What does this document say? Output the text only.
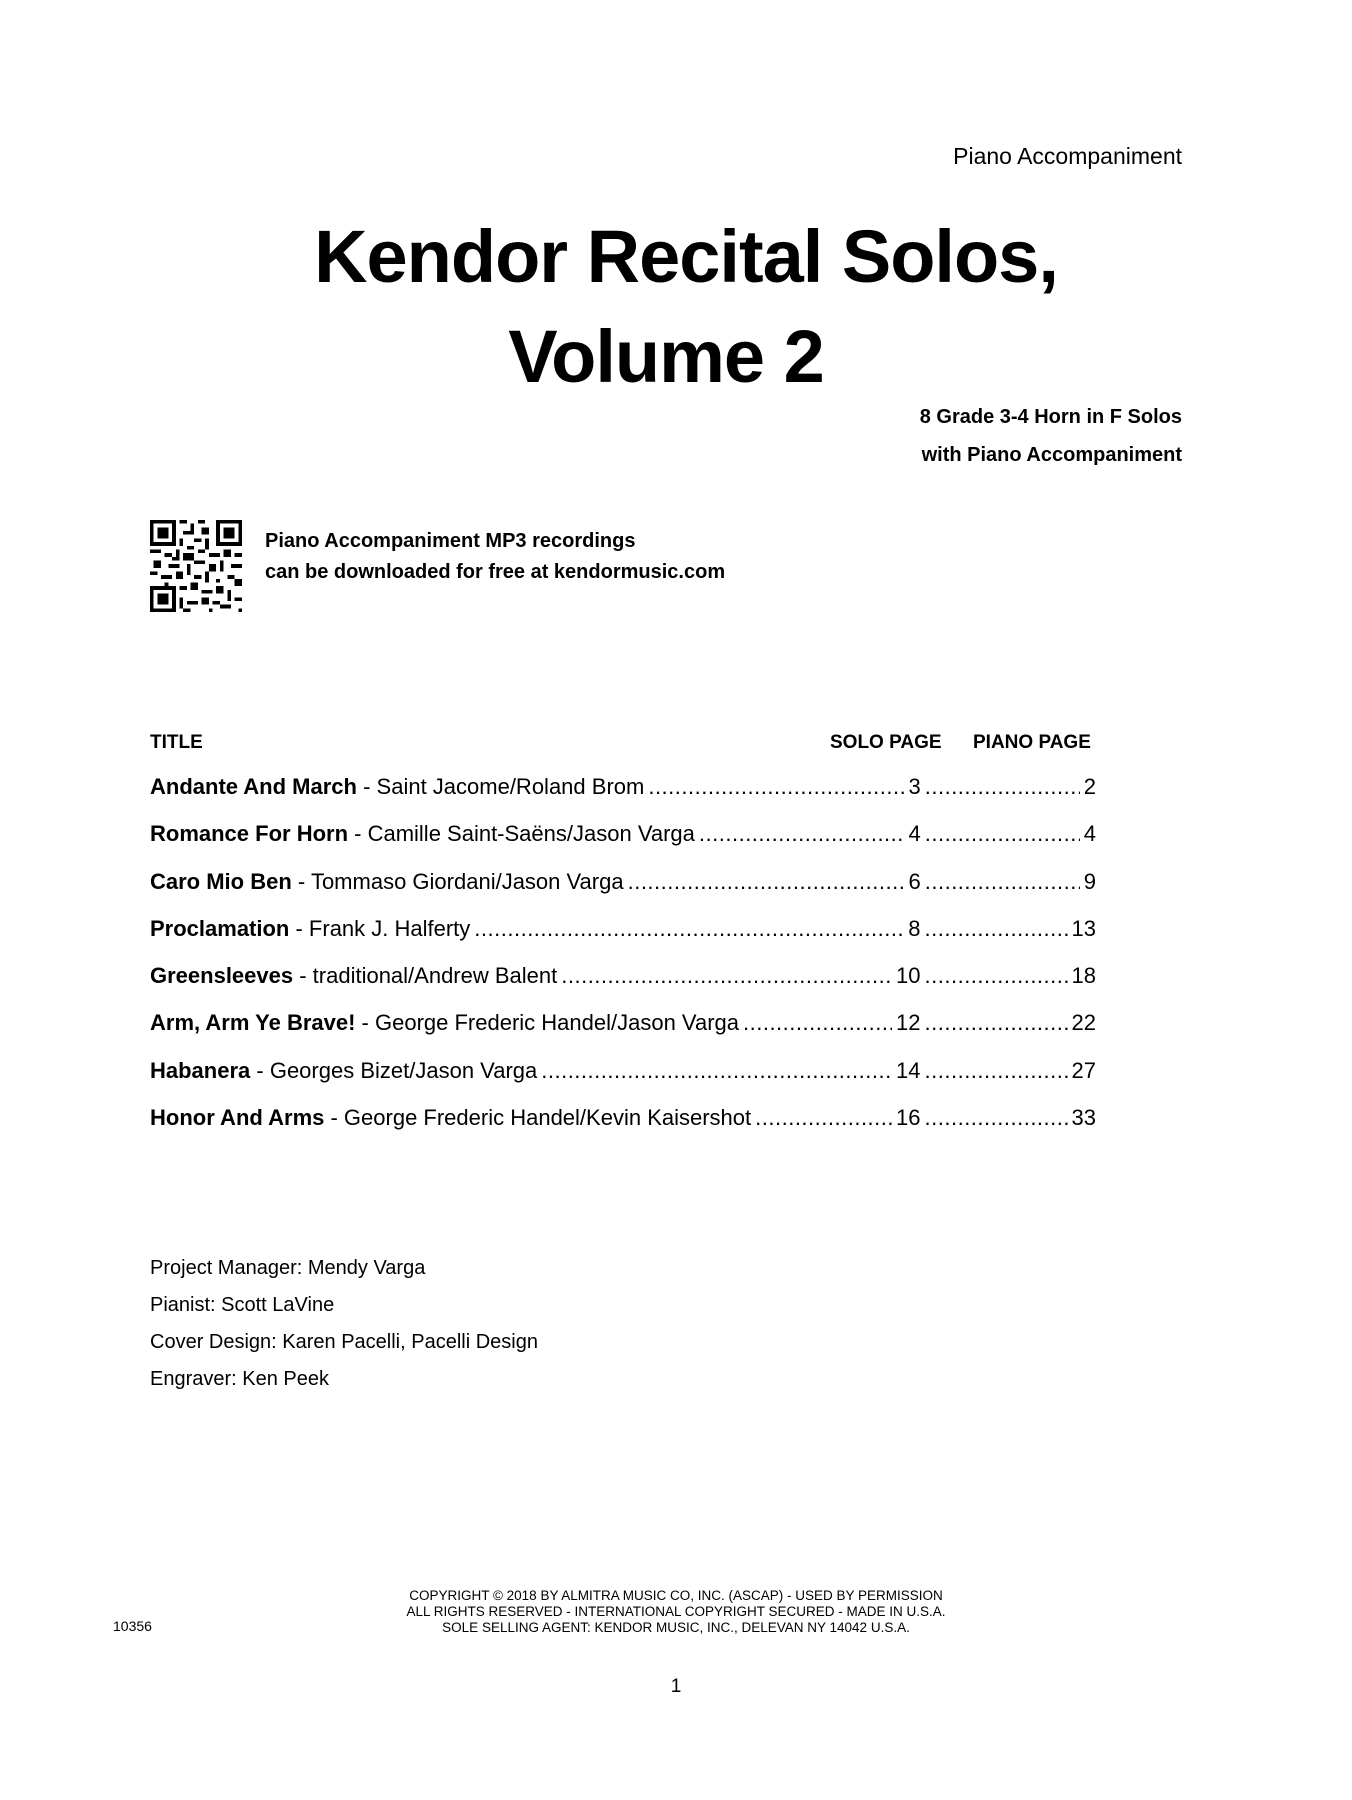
Piano Accompaniment
Kendor Recital Solos,
Volume 2
8 Grade 3-4 Horn in F Solos
with Piano Accompaniment
Piano Accompaniment MP3 recordings
can be downloaded for free at kendormusic.com
TITLE	SOLO PAGE PIANO PAGE
Andante And March - Saint Jacome/Roland Brom .....	3 .....	2
Romance For Horn - Camille Saint-Saëns/Jason Varga .....	4 .....	4
Caro Mio Ben - Tommaso Giordani/Jason Varga .....	6 .....	9
Proclamation - Frank J. Halferty .....	8 .....	13
Greensleeves - traditional/Andrew Balent .....	10 .....	18
Arm, Arm Ye Brave! - George Frederic Handel/Jason Varga .....	12 .....	22
Habanera - Georges Bizet/Jason Varga .....	14 .....	27
Honor And Arms - George Frederic Handel/Kevin Kaisershot .....	16 .....	33
Project Manager: Mendy Varga
Pianist: Scott LaVine
Cover Design: Karen Pacelli, Pacelli Design
Engraver: Ken Peek
COPYRIGHT © 2018 BY ALMITRA MUSIC CO, INC. (ASCAP) - USED BY PERMISSION
ALL RIGHTS RESERVED - INTERNATIONAL COPYRIGHT SECURED - MADE IN U.S.A.
SOLE SELLING AGENT: KENDOR MUSIC, INC., DELEVAN NY 14042 U.S.A.
10356
1
